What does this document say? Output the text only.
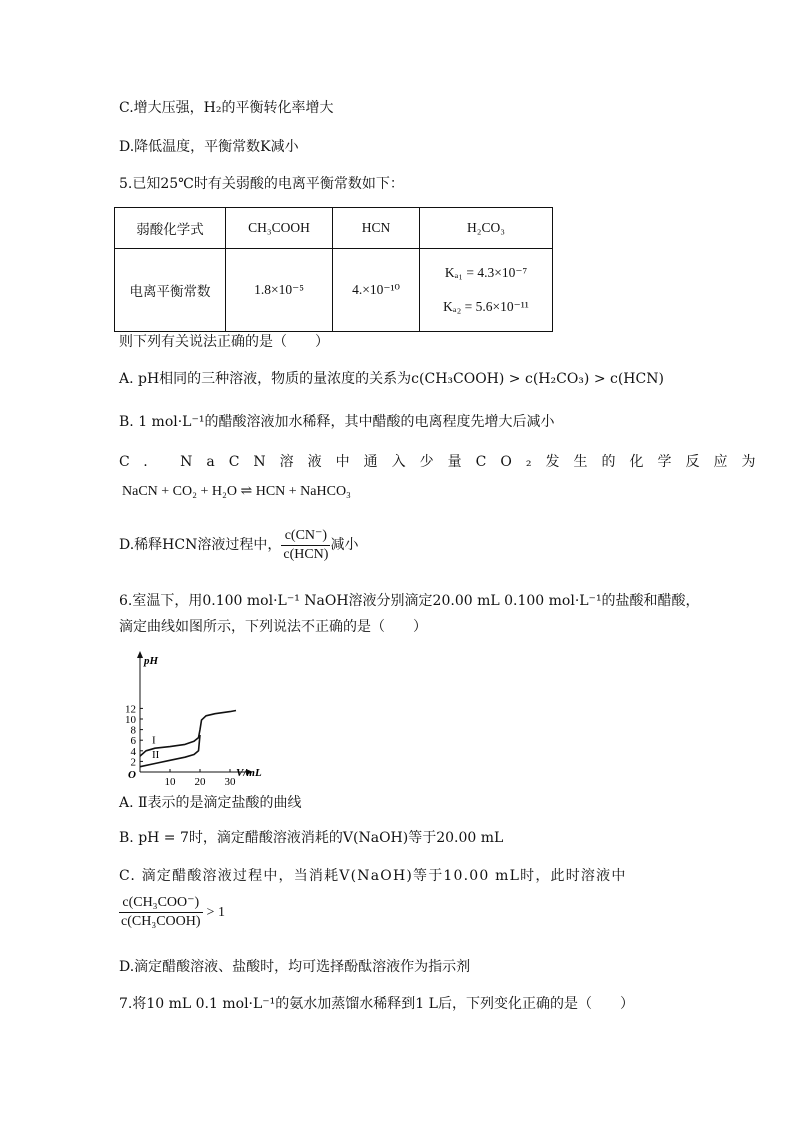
C.增大压强，H₂的平衡转化率增大
D.降低温度，平衡常数K减小
5.已知25℃时有关弱酸的电离平衡常数如下：
弱酸化学式	CH₃COOH	HCN	H₂CO₃
电离平衡常数	1.8×10⁻⁵	4.×10⁻¹⁰	Kₐ₁ = 4.3×10⁻⁷
Kₐ₂ = 5.6×10⁻¹¹
则下列有关说法正确的是（　　）
A. pH相同的三种溶液，物质的量浓度的关系为c(CH₃COOH) > c(H₂CO₃) > c(HCN)
B. 1 mol·L⁻¹的醋酸溶液加水稀释，其中醋酸的电离程度先增大后减小
C. NaCN溶液中通入少量CO₂发生的化学反应为
NaCN + CO₂ + H₂O ⇌ HCN + NaHCO₃
D.稀释HCN溶液过程中， $\frac{c(CN^-)}{\text{c(HCN)}}$ 减小
6.室温下，用0.100 mol·L⁻¹ NaOH溶液分别滴定20.00 mL 0.100 mol·L⁻¹的盐酸和醋酸，
滴定曲线如图所示，下列说法不正确的是（　　）
pH
V/mL
O
2
4
6
8
10
12
10 20 30
I
II
A. Ⅱ表示的是滴定盐酸的曲线
B. pH = 7时，滴定醋酸溶液消耗的V(NaOH)等于20.00 mL
C. 滴定醋酸溶液过程中，当消耗V(NaOH)等于10.00 mL时，此时溶液中
$\frac{\text{c(CH₃COO⁻)}}{\text{c(CH₃COOH)}} > 1$
D.滴定醋酸溶液、盐酸时，均可选择酚酞溶液作为指示剂
7.将10 mL 0.1 mol·L⁻¹的氨水加蒸馏水稀释到1 L后，下列变化正确的是（　　）
